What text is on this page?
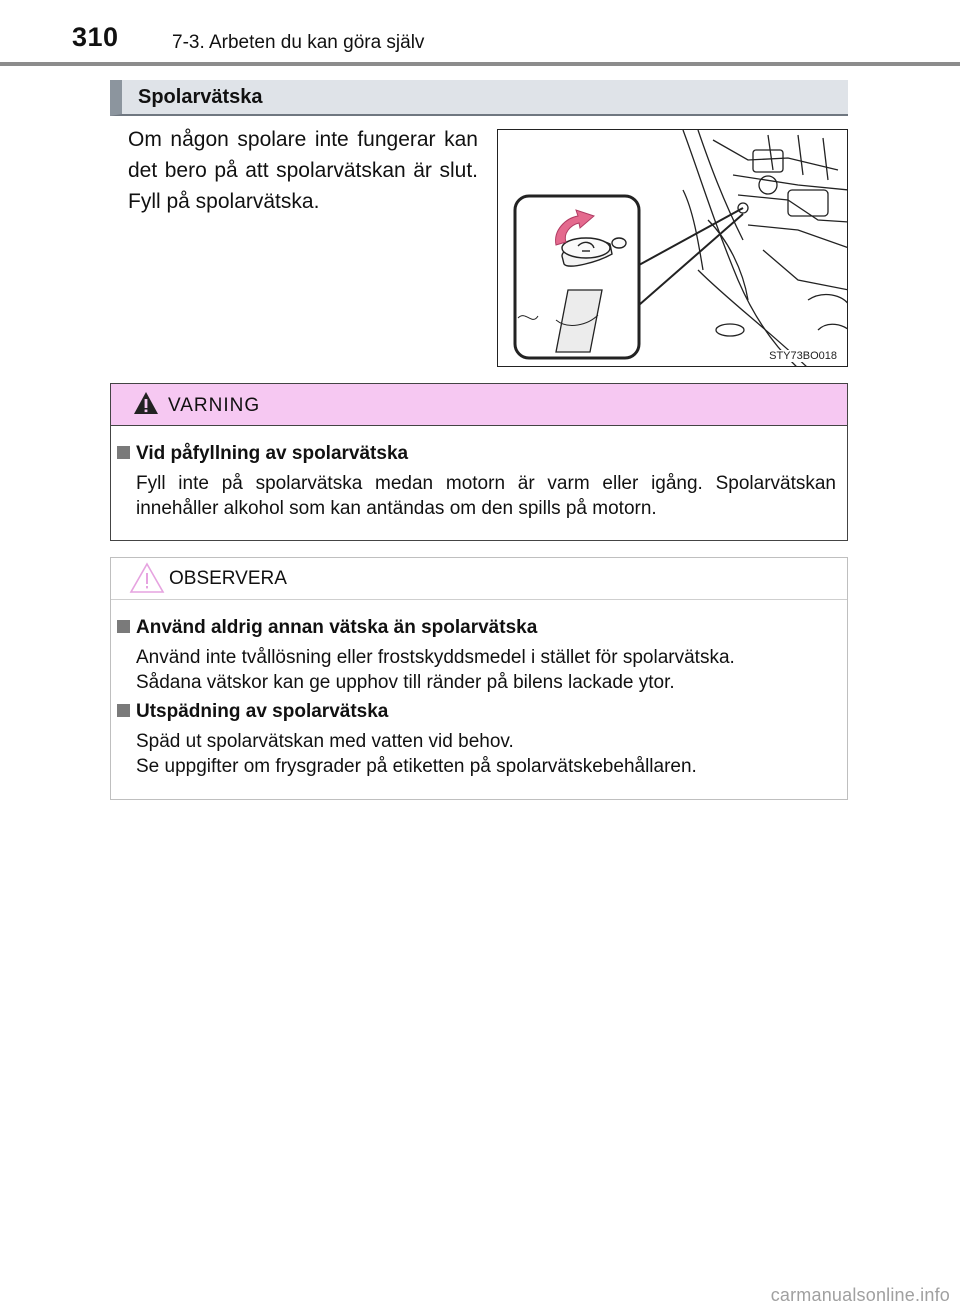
310	7-3. Arbeten du kan göra själv
Spolarvätska
Om någon spolare inte fungerar kan det bero på att spolarvätskan är slut. Fyll på spolarvätska.
STY73BO018
VARNING
Vid påfyllning av spolarvätska
Fyll inte på spolarvätska medan motorn är varm eller igång. Spolarvätskan innehåller alkohol som kan antändas om den spills på motorn.
OBSERVERA
Använd aldrig annan vätska än spolarvätska
Använd inte tvållösning eller frostskyddsmedel i stället för spolarvätska.
Sådana vätskor kan ge upphov till ränder på bilens lackade ytor.
Utspädning av spolarvätska
Späd ut spolarvätskan med vatten vid behov.
Se uppgifter om frysgrader på etiketten på spolarvätskebehållaren.
carmanualsonline.info
